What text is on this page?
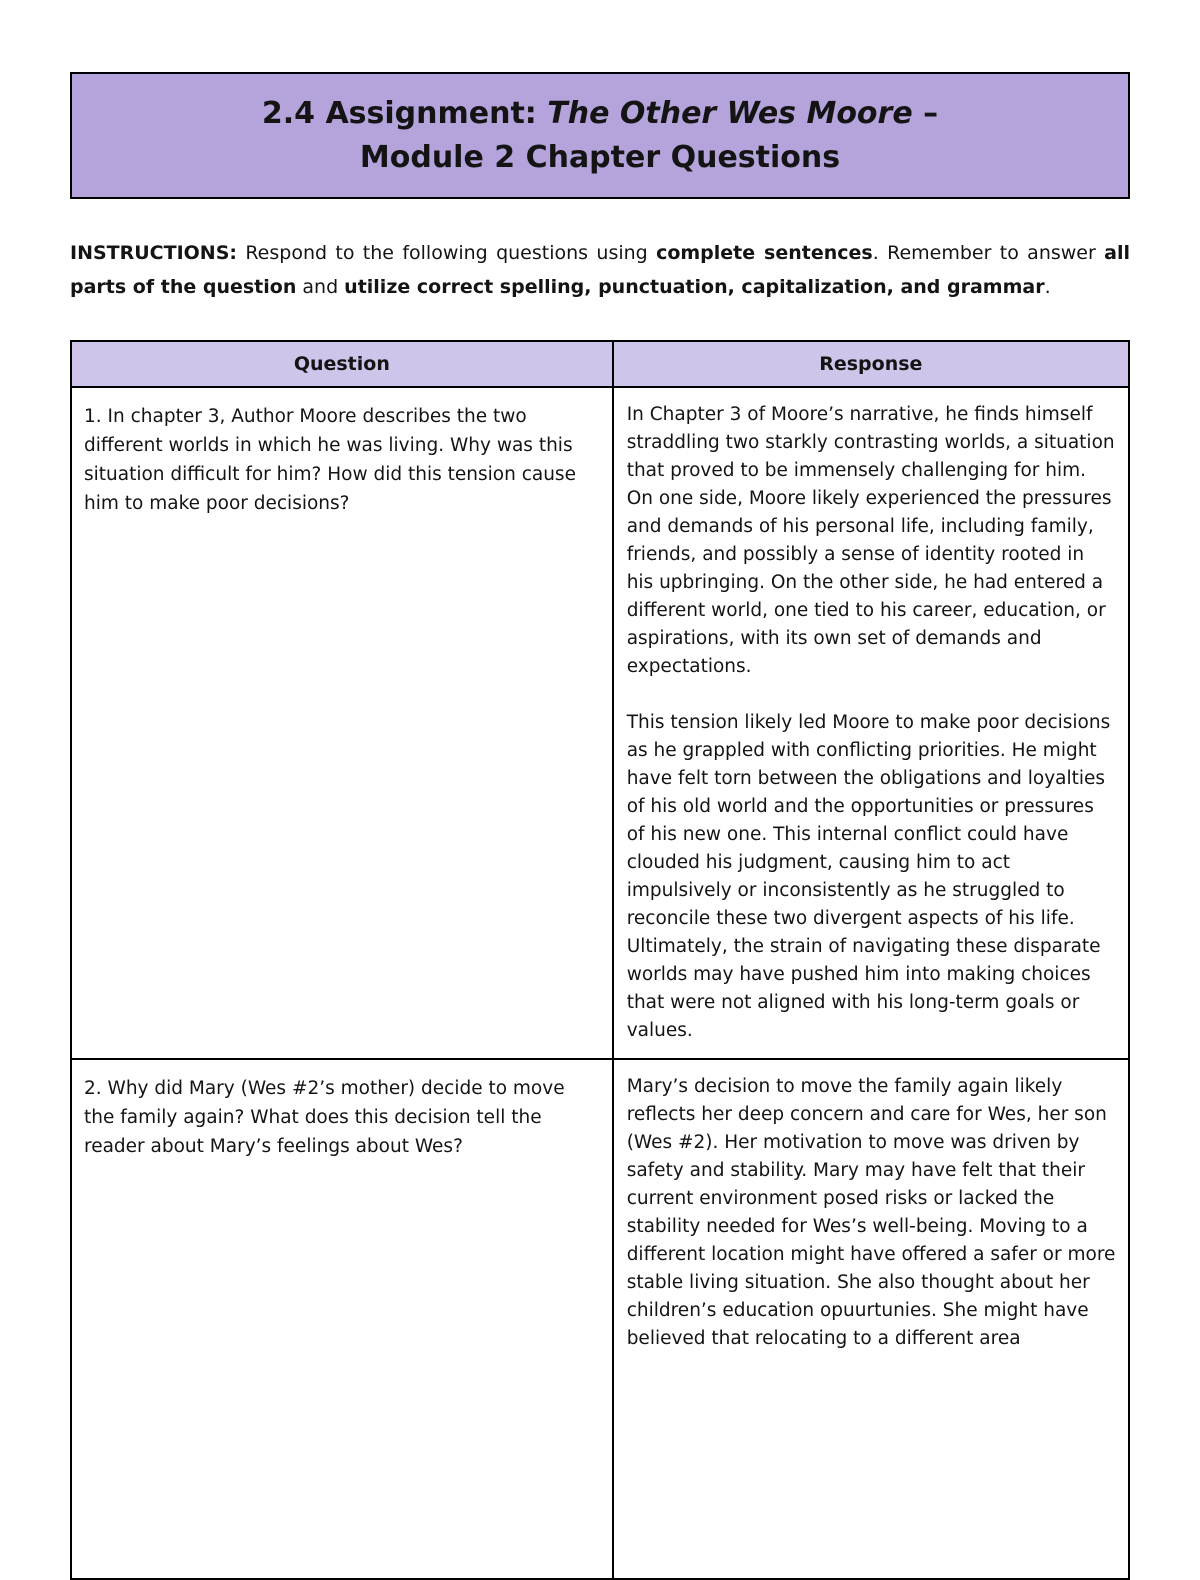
2.4 Assignment: The Other Wes Moore –
Module 2 Chapter Questions

INSTRUCTIONS: Respond to the following questions using complete sentences. Remember to answer all parts of the question and utilize correct spelling, punctuation, capitalization, and grammar.

Question	Response
1. In chapter 3, Author Moore describes the two different worlds in which he was living. Why was this situation difficult for him? How did this tension cause him to make poor decisions?	In Chapter 3 of Moore’s narrative, he finds himself straddling two starkly contrasting worlds, a situation that proved to be immensely challenging for him. On one side, Moore likely experienced the pressures and demands of his personal life, including family, friends, and possibly a sense of identity rooted in his upbringing. On the other side, he had entered a different world, one tied to his career, education, or aspirations, with its own set of demands and expectations.

This tension likely led Moore to make poor decisions as he grappled with conflicting priorities. He might have felt torn between the obligations and loyalties of his old world and the opportunities or pressures of his new one. This internal conflict could have clouded his judgment, causing him to act impulsively or inconsistently as he struggled to reconcile these two divergent aspects of his life. Ultimately, the strain of navigating these disparate worlds may have pushed him into making choices that were not aligned with his long-term goals or values.

2. Why did Mary (Wes #2’s mother) decide to move the family again? What does this decision tell the reader about Mary’s feelings about Wes?	Mary’s decision to move the family again likely reflects her deep concern and care for Wes, her son (Wes #2). Her motivation to move was driven by safety and stability. Mary may have felt that their current environment posed risks or lacked the stability needed for Wes’s well-being. Moving to a different location might have offered a safer or more stable living situation. She also thought about her children’s education opuurtunies. She might have believed that relocating to a different area
